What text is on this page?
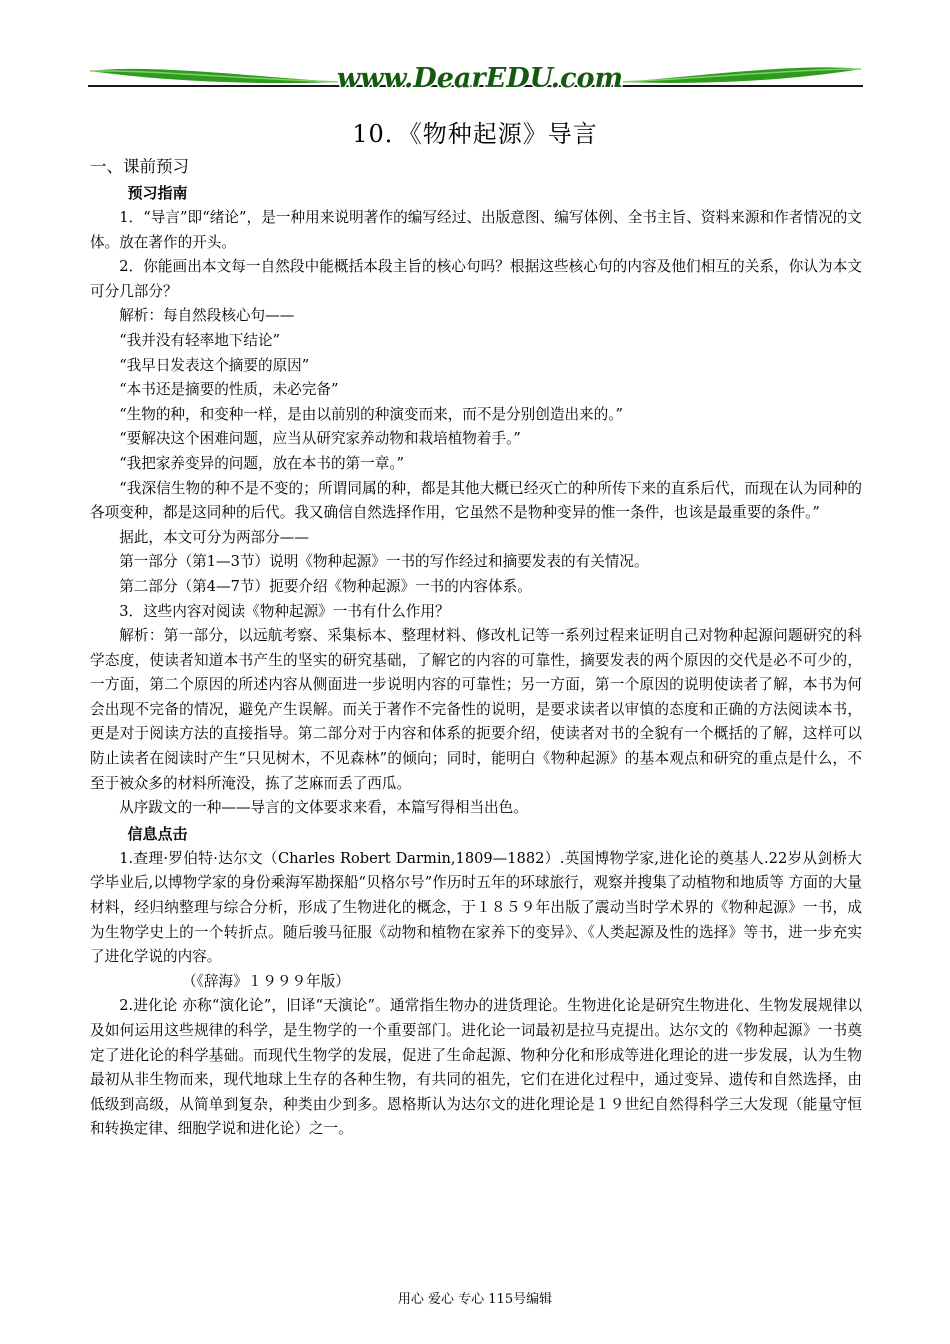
www.DearEDU.com
10．《物种起源》导言

一、课前预习

预习指南

1．“导言”即“绪论”，是一种用来说明著作的编写经过、出版意图、编写体例、全书主旨、资料来源和作者情况的文体。放在著作的开头。

2．你能画出本文每一自然段中能概括本段主旨的核心句吗？根据这些核心句的内容及他们相互的关系，你认为本文可分几部分？

解析：每自然段核心句——

“我并没有轻率地下结论”

“我早日发表这个摘要的原因”

“本书还是摘要的性质，未必完备”

“生物的种，和变种一样，是由以前别的种演变而来，而不是分别创造出来的。”

“要解决这个困难问题，应当从研究家养动物和栽培植物着手。”

“我把家养变异的问题，放在本书的第一章。”

“我深信生物的种不是不变的；所谓同属的种，都是其他大概已经灭亡的种所传下来的直系后代，而现在认为同种的各项变种，都是这同种的后代。我又确信自然选择作用，它虽然不是物种变异的惟一条件，也该是最重要的条件。”

据此，本文可分为两部分——

第一部分（第1—3节）说明《物种起源》一书的写作经过和摘要发表的有关情况。

第二部分（第4—7节）扼要介绍《物种起源》一书的内容体系。

3．这些内容对阅读《物种起源》一书有什么作用？

解析：第一部分，以远航考察、采集标本、整理材料、修改札记等一系列过程来证明自己对物种起源问题研究的科学态度，使读者知道本书产生的坚实的研究基础，了解它的内容的可靠性，摘要发表的两个原因的交代是必不可少的，一方面，第二个原因的所述内容从侧面进一步说明内容的可靠性；另一方面，第一个原因的说明使读者了解，本书为何会出现不完备的情况，避免产生误解。而关于著作不完备性的说明，是要求读者以审慎的态度和正确的方法阅读本书，更是对于阅读方法的直接指导。第二部分对于内容和体系的扼要介绍，使读者对书的全貌有一个概括的了解，这样可以防止读者在阅读时产生“只见树木，不见森林”的倾向；同时，能明白《物种起源》的基本观点和研究的重点是什么，不至于被众多的材料所淹没，拣了芝麻而丢了西瓜。

从序跋文的一种——导言的文体要求来看，本篇写得相当出色。

信息点击

1.查理·罗伯特·达尔文（Charles Robert Darmin,1809—1882）.英国博物学家,进化论的奠基人.22岁从剑桥大学毕业后,以博物学家的身份乘海军勘探船“贝格尔号”作历时五年的环球旅行，观察并搜集了动植物和地质等 方面的大量材料，经归纳整理与综合分析，形成了生物进化的概念，于１８５９年出版了震动当时学术界的《物种起源》一书，成为生物学史上的一个转折点。随后骏马征服《动物和植物在家养下的变异》、《人类起源及性的选择》等书，进一步充实了进化学说的内容。

（《辞海》１９９９年版）

2.进化论 亦称“演化论”，旧译“天演论”。通常指生物办的进货理论。生物进化论是研究生物进化、生物发展规律以及如何运用这些规律的科学，是生物学的一个重要部门。进化论一词最初是拉马克提出。达尔文的《物种起源》一书奠定了进化论的科学基础。而现代生物学的发展，促进了生命起源、物种分化和形成等进化理论的进一步发展，认为生物最初从非生物而来，现代地球上生存的各种生物，有共同的祖先，它们在进化过程中，通过变异、遗传和自然选择，由低级到高级，从简单到复杂，种类由少到多。恩格斯认为达尔文的进化理论是１９世纪自然得科学三大发现（能量守恒和转换定律、细胞学说和进化论）之一。

用心 爱心 专心 115号编辑
